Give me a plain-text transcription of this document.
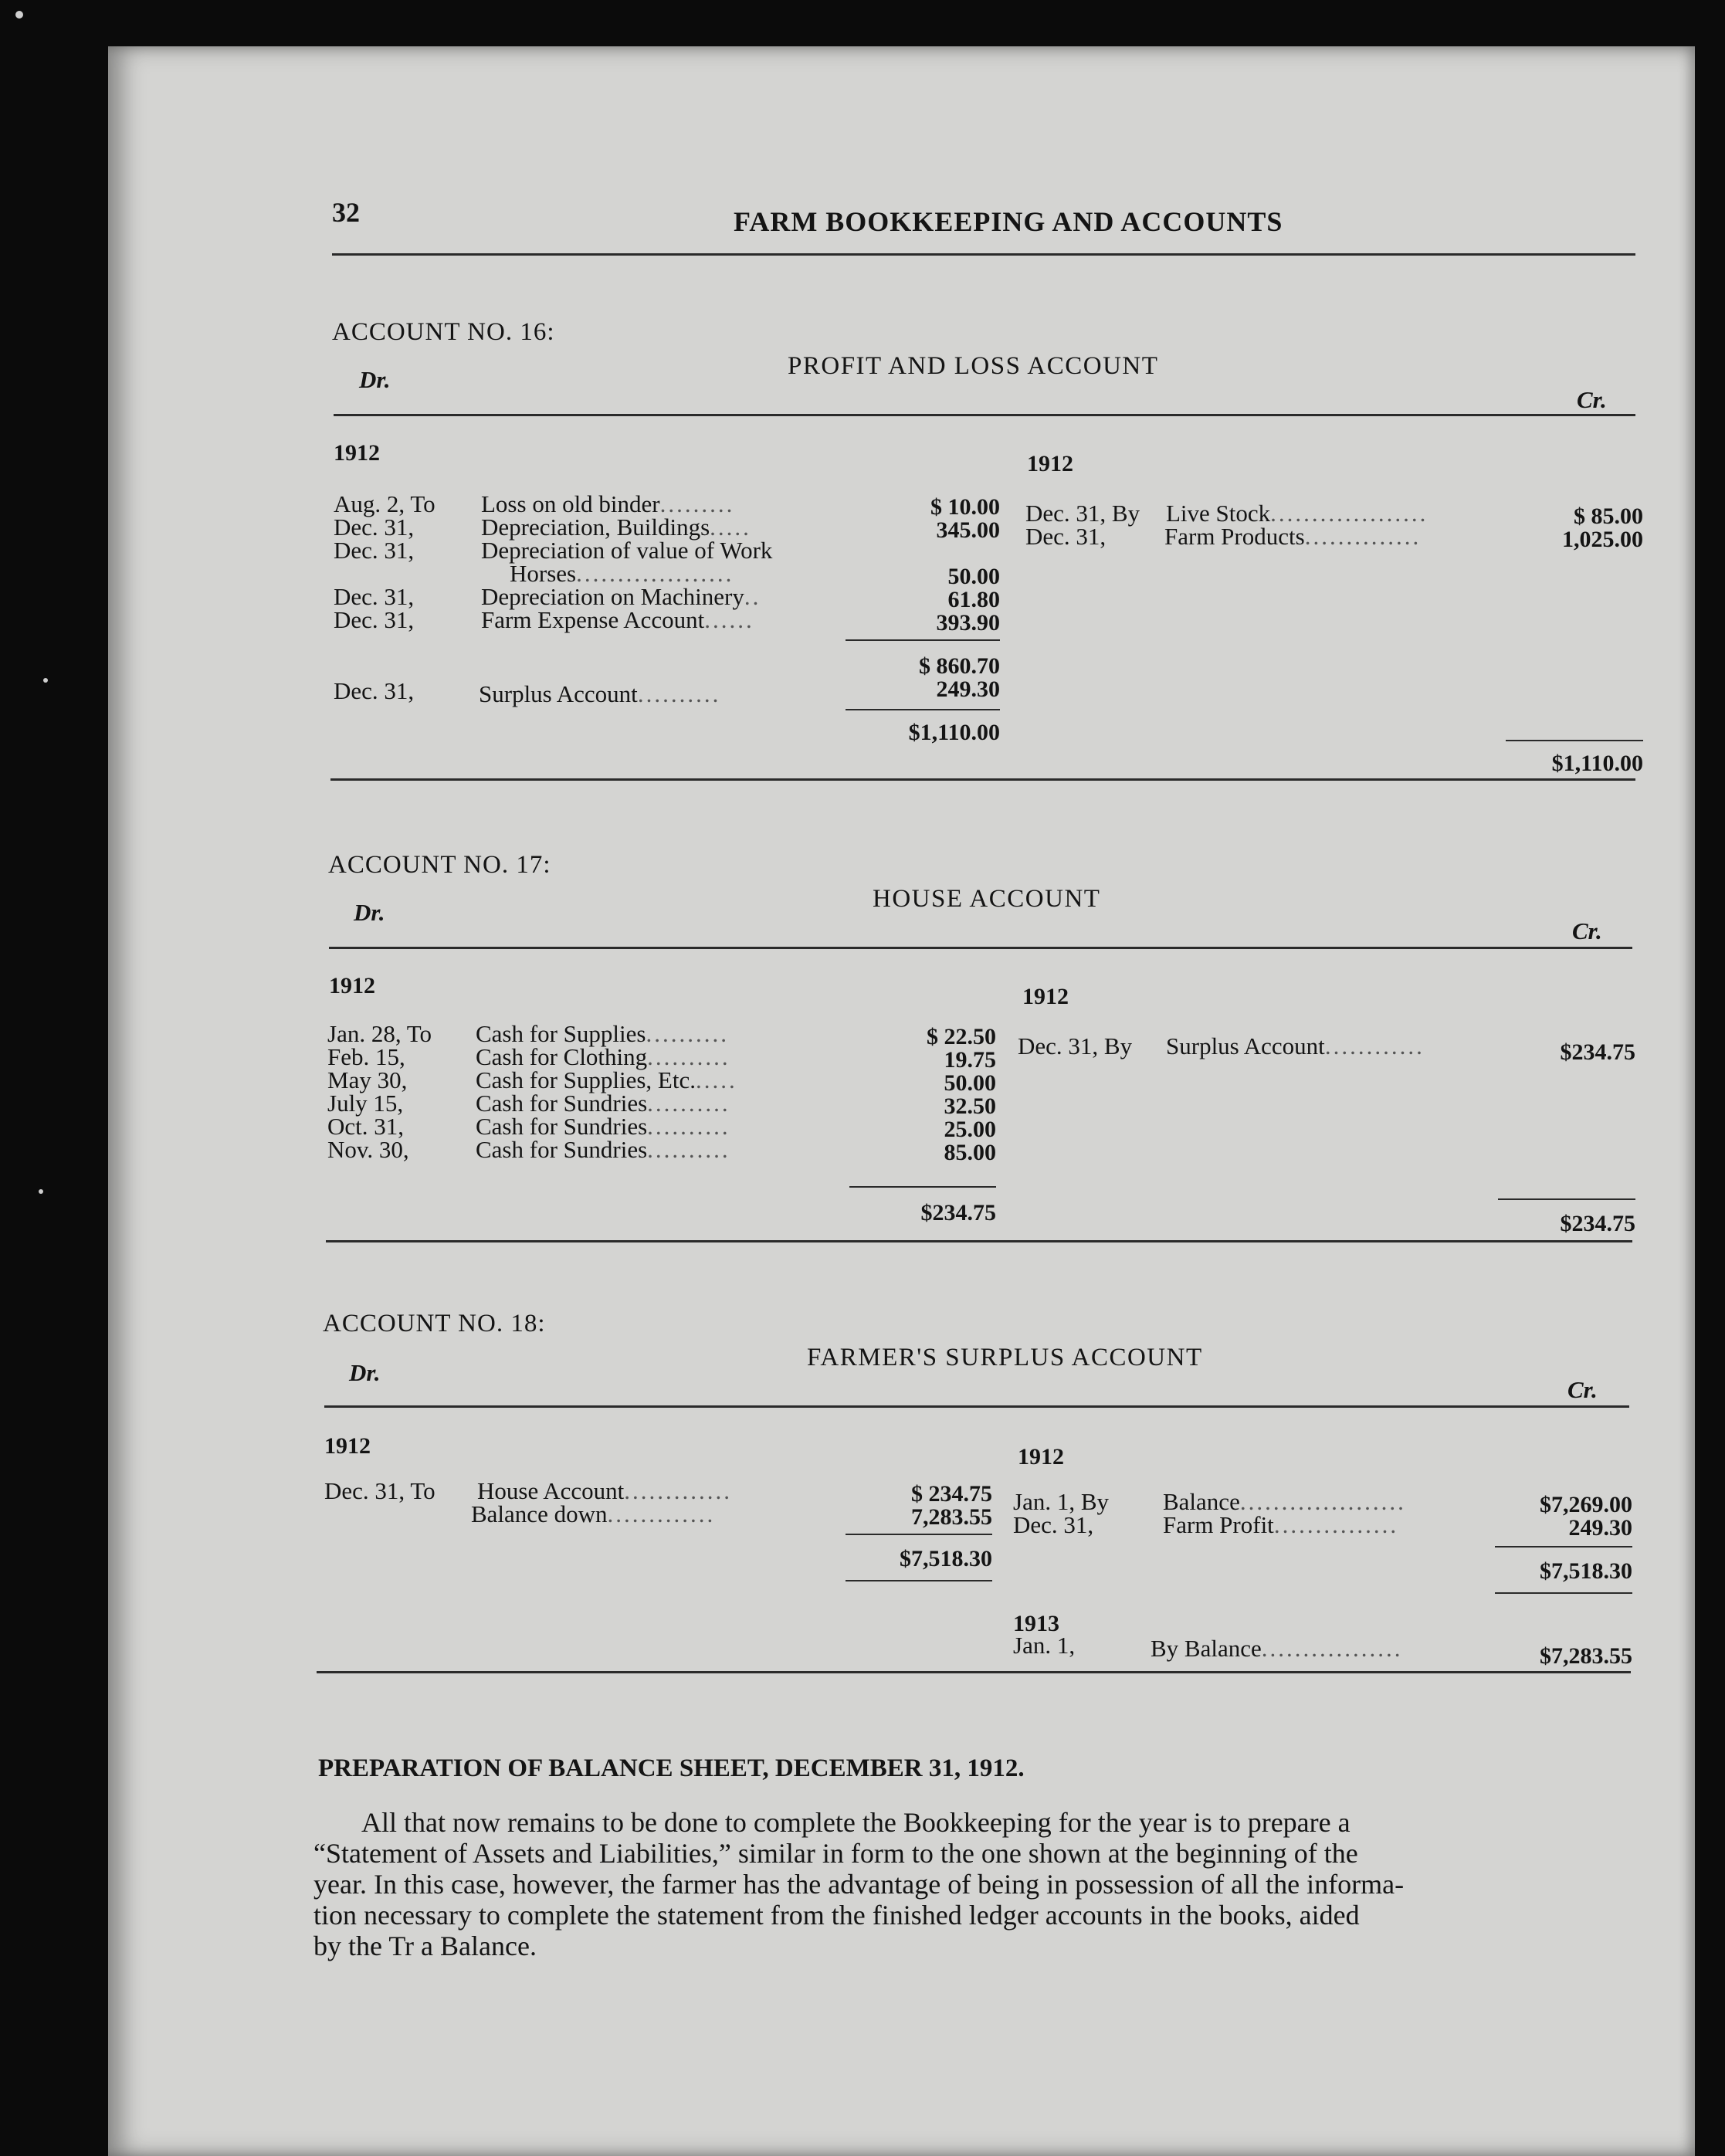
32	FARM BOOKKEEPING AND ACCOUNTS
ACCOUNT NO. 16:
PROFIT AND LOSS ACCOUNT
Dr.
Cr.
1912	1912
Aug. 2, To Loss on old binder.........	$ 10.00
Dec. 31,	Depreciation, Buildings.....	345.00
Dec. 31,	Depreciation of value of Work
Horses...................	50.00
Dec. 31,	Depreciation on Machinery..	61.80
Dec. 31,	Farm Expense Account......	393.90
$ 860.70
Dec. 31,	Surplus Account..........	249.30
$1,110.00
Dec. 31, By Live Stock...................	$ 85.00
Dec. 31, Farm Products..............	1,025.00
$1,110.00
ACCOUNT NO. 17:
HOUSE ACCOUNT
Dr.
Cr.
1912	1912
Jan. 28, To Cash for Supplies..........	$ 22.50
Feb. 15,	Cash for Clothing..........	19.75
May 30,	Cash for Supplies, Etc......	50.00
July 15,	Cash for Sundries..........	32.50
Oct. 31,	Cash for Sundries..........	25.00
Nov. 30,	Cash for Sundries..........	85.00
$234.75
Dec. 31, By Surplus Account............	$234.75
$234.75
ACCOUNT NO. 18:
FARMER'S SURPLUS ACCOUNT
Dr.
Cr.
1912	1912
Dec. 31, To House Account.............	$ 234.75
Balance down.............	7,283.55
$7,518.30
Jan. 1, By Balance....................	$7,269.00
Dec. 31,	Farm Profit...............	249.30
$7,518.30
1913
Jan. 1,	By Balance.................	$7,283.55
PREPARATION OF BALANCE SHEET, DECEMBER 31, 1912.

All that now remains to be done to complete the Bookkeeping for the year is to prepare a

“Statement of Assets and Liabilities,” similar in form to the one shown at the beginning of the

year. In this case, however, the farmer has the advantage of being in possession of all the informa-

tion necessary to complete the statement from the finished ledger accounts in the books, aided

by the Tr a Balance.
